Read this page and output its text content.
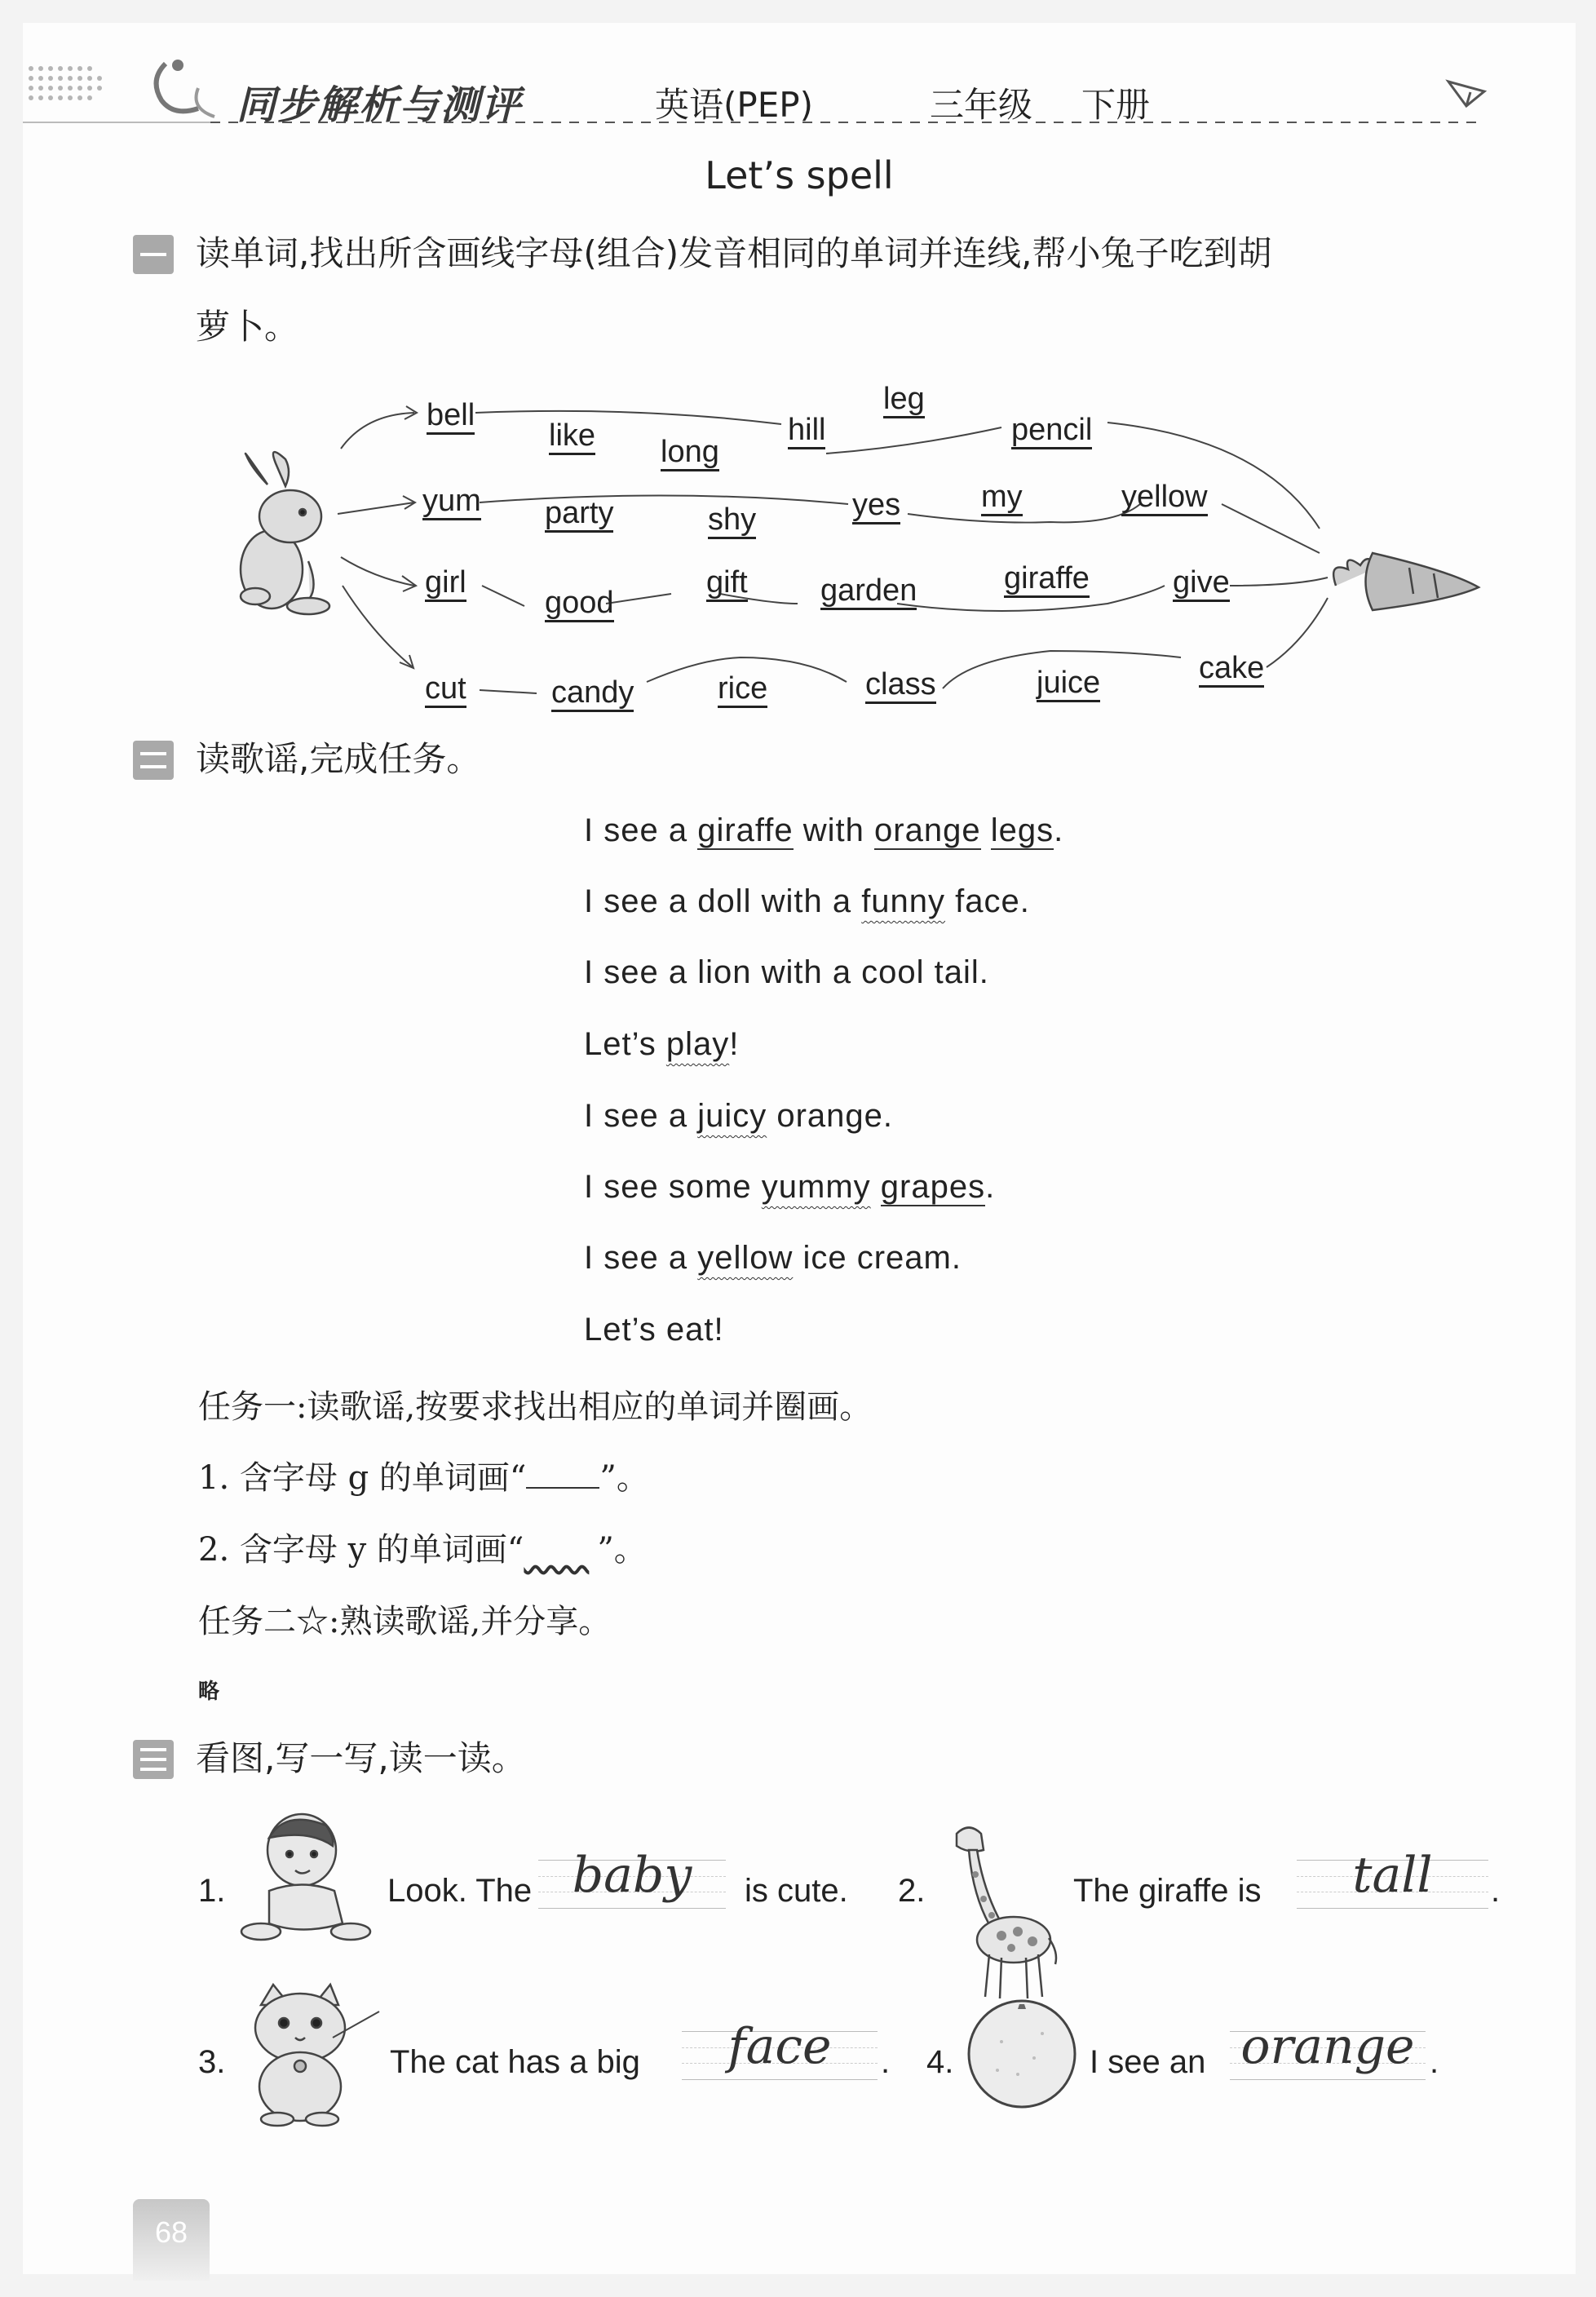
同步解析与测评	英语(PEP)	三年级 下册
Let’s spell
读单词,找出所含画线字母(组合)发音相同的单词并连线,帮小兔子吃到胡
萝卜。
bell
like long
hill
leg
pencil
yum party	shy	yes	my	yellow
girl
good
gift garden	giraffe	give
cut	candy	rice	class	juice	cake
读歌谣,完成任务。
I see a giraffe with orange legs.
I see a doll with a funny face.
I see a lion with a cool tail.
Let’s play!
I see a juicy orange.
I see some yummy grapes.
I see a yellow ice cream.
Let’s eat!
任务一:读歌谣,按要求找出相应的单词并圈画。
1. 含字母 g 的单词画“ ”。
2. 含字母 y 的单词画“ ”。
任务二☆:熟读歌谣,并分享。
略
看图,写一写,读一读。
1.	Look. The baby	is cute. 2.	The giraffe is	tall	.
3.	The cat has a big	face	. 4.	I see an orange .
68
